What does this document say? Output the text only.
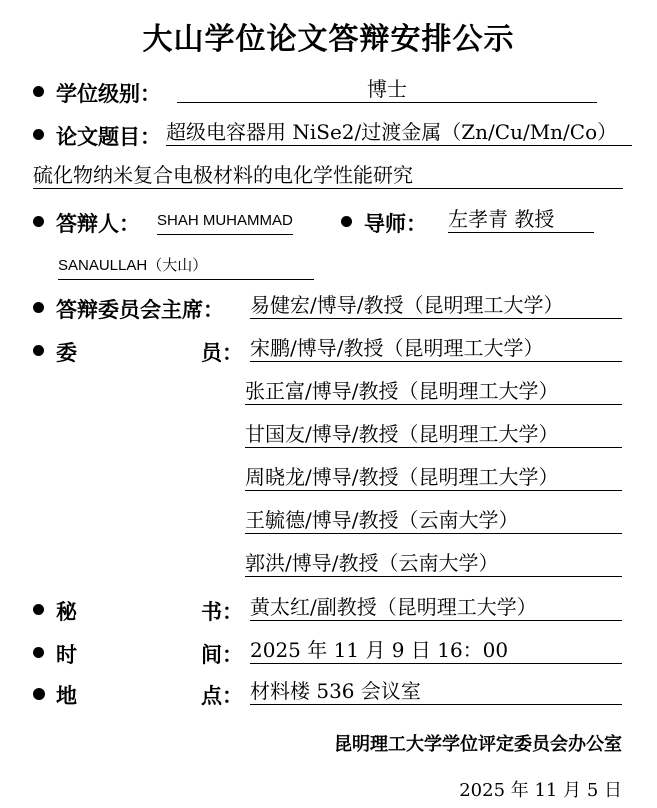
大山学位论文答辩安排公示
学位级别：	博士
论文题目： 超级电容器用 NiSe2/过渡金属（Zn/Cu/Mn/Co）
硫化物纳米复合电极材料的电化学性能研究
答辩人： SHAH MUHAMMAD	导师： 左孝青 教授
SANAULLAH（大山）
答辩委员会主席： 易健宏/博导/教授（昆明理工大学）
委	员： 宋鹏/博导/教授（昆明理工大学）
张正富/博导/教授（昆明理工大学）
甘国友/博导/教授（昆明理工大学）
周晓龙/博导/教授（昆明理工大学）
王毓德/博导/教授（云南大学）
郭洪/博导/教授（云南大学）
秘	书： 黄太红/副教授（昆明理工大学）
时	间： 2025 年 11 月 9 日 16：00
地	点： 材料楼 536 会议室
昆明理工大学学位评定委员会办公室
2025 年 11 月 5 日
